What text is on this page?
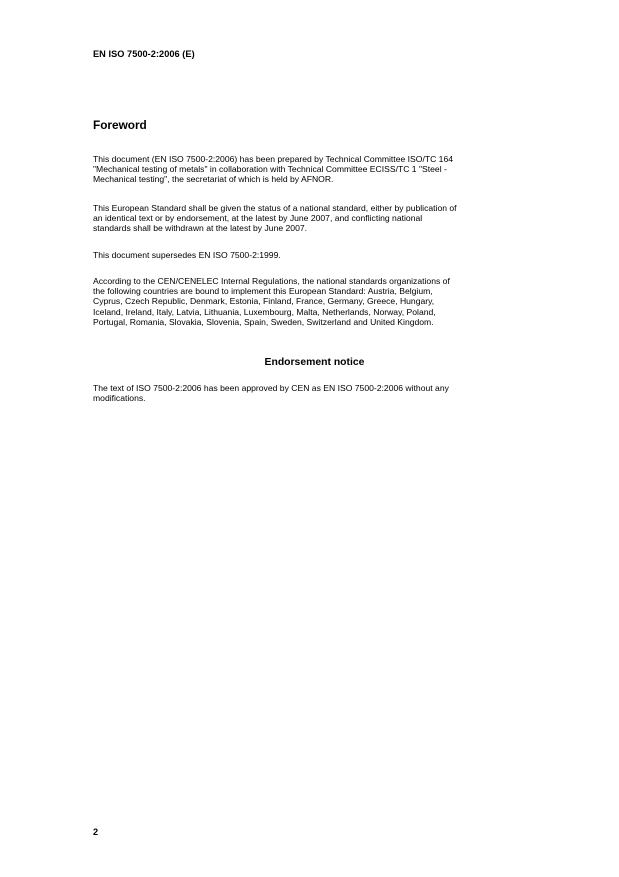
EN ISO 7500-2:2006 (E)
Foreword

This document (EN ISO 7500-2:2006) has been prepared by Technical Committee ISO/TC 164
"Mechanical testing of metals" in collaboration with Technical Committee ECISS/TC 1 "Steel -
Mechanical testing", the secretariat of which is held by AFNOR.

This European Standard shall be given the status of a national standard, either by publication of
an identical text or by endorsement, at the latest by June 2007, and conflicting national
standards shall be withdrawn at the latest by June 2007.

This document supersedes EN ISO 7500-2:1999.

According to the CEN/CENELEC Internal Regulations, the national standards organizations of
the following countries are bound to implement this European Standard: Austria, Belgium,
Cyprus, Czech Republic, Denmark, Estonia, Finland, France, Germany, Greece, Hungary,
Iceland, Ireland, Italy, Latvia, Lithuania, Luxembourg, Malta, Netherlands, Norway, Poland,
Portugal, Romania, Slovakia, Slovenia, Spain, Sweden, Switzerland and United Kingdom.

Endorsement notice

The text of ISO 7500-2:2006 has been approved by CEN as EN ISO 7500-2:2006 without any
modifications.

2
